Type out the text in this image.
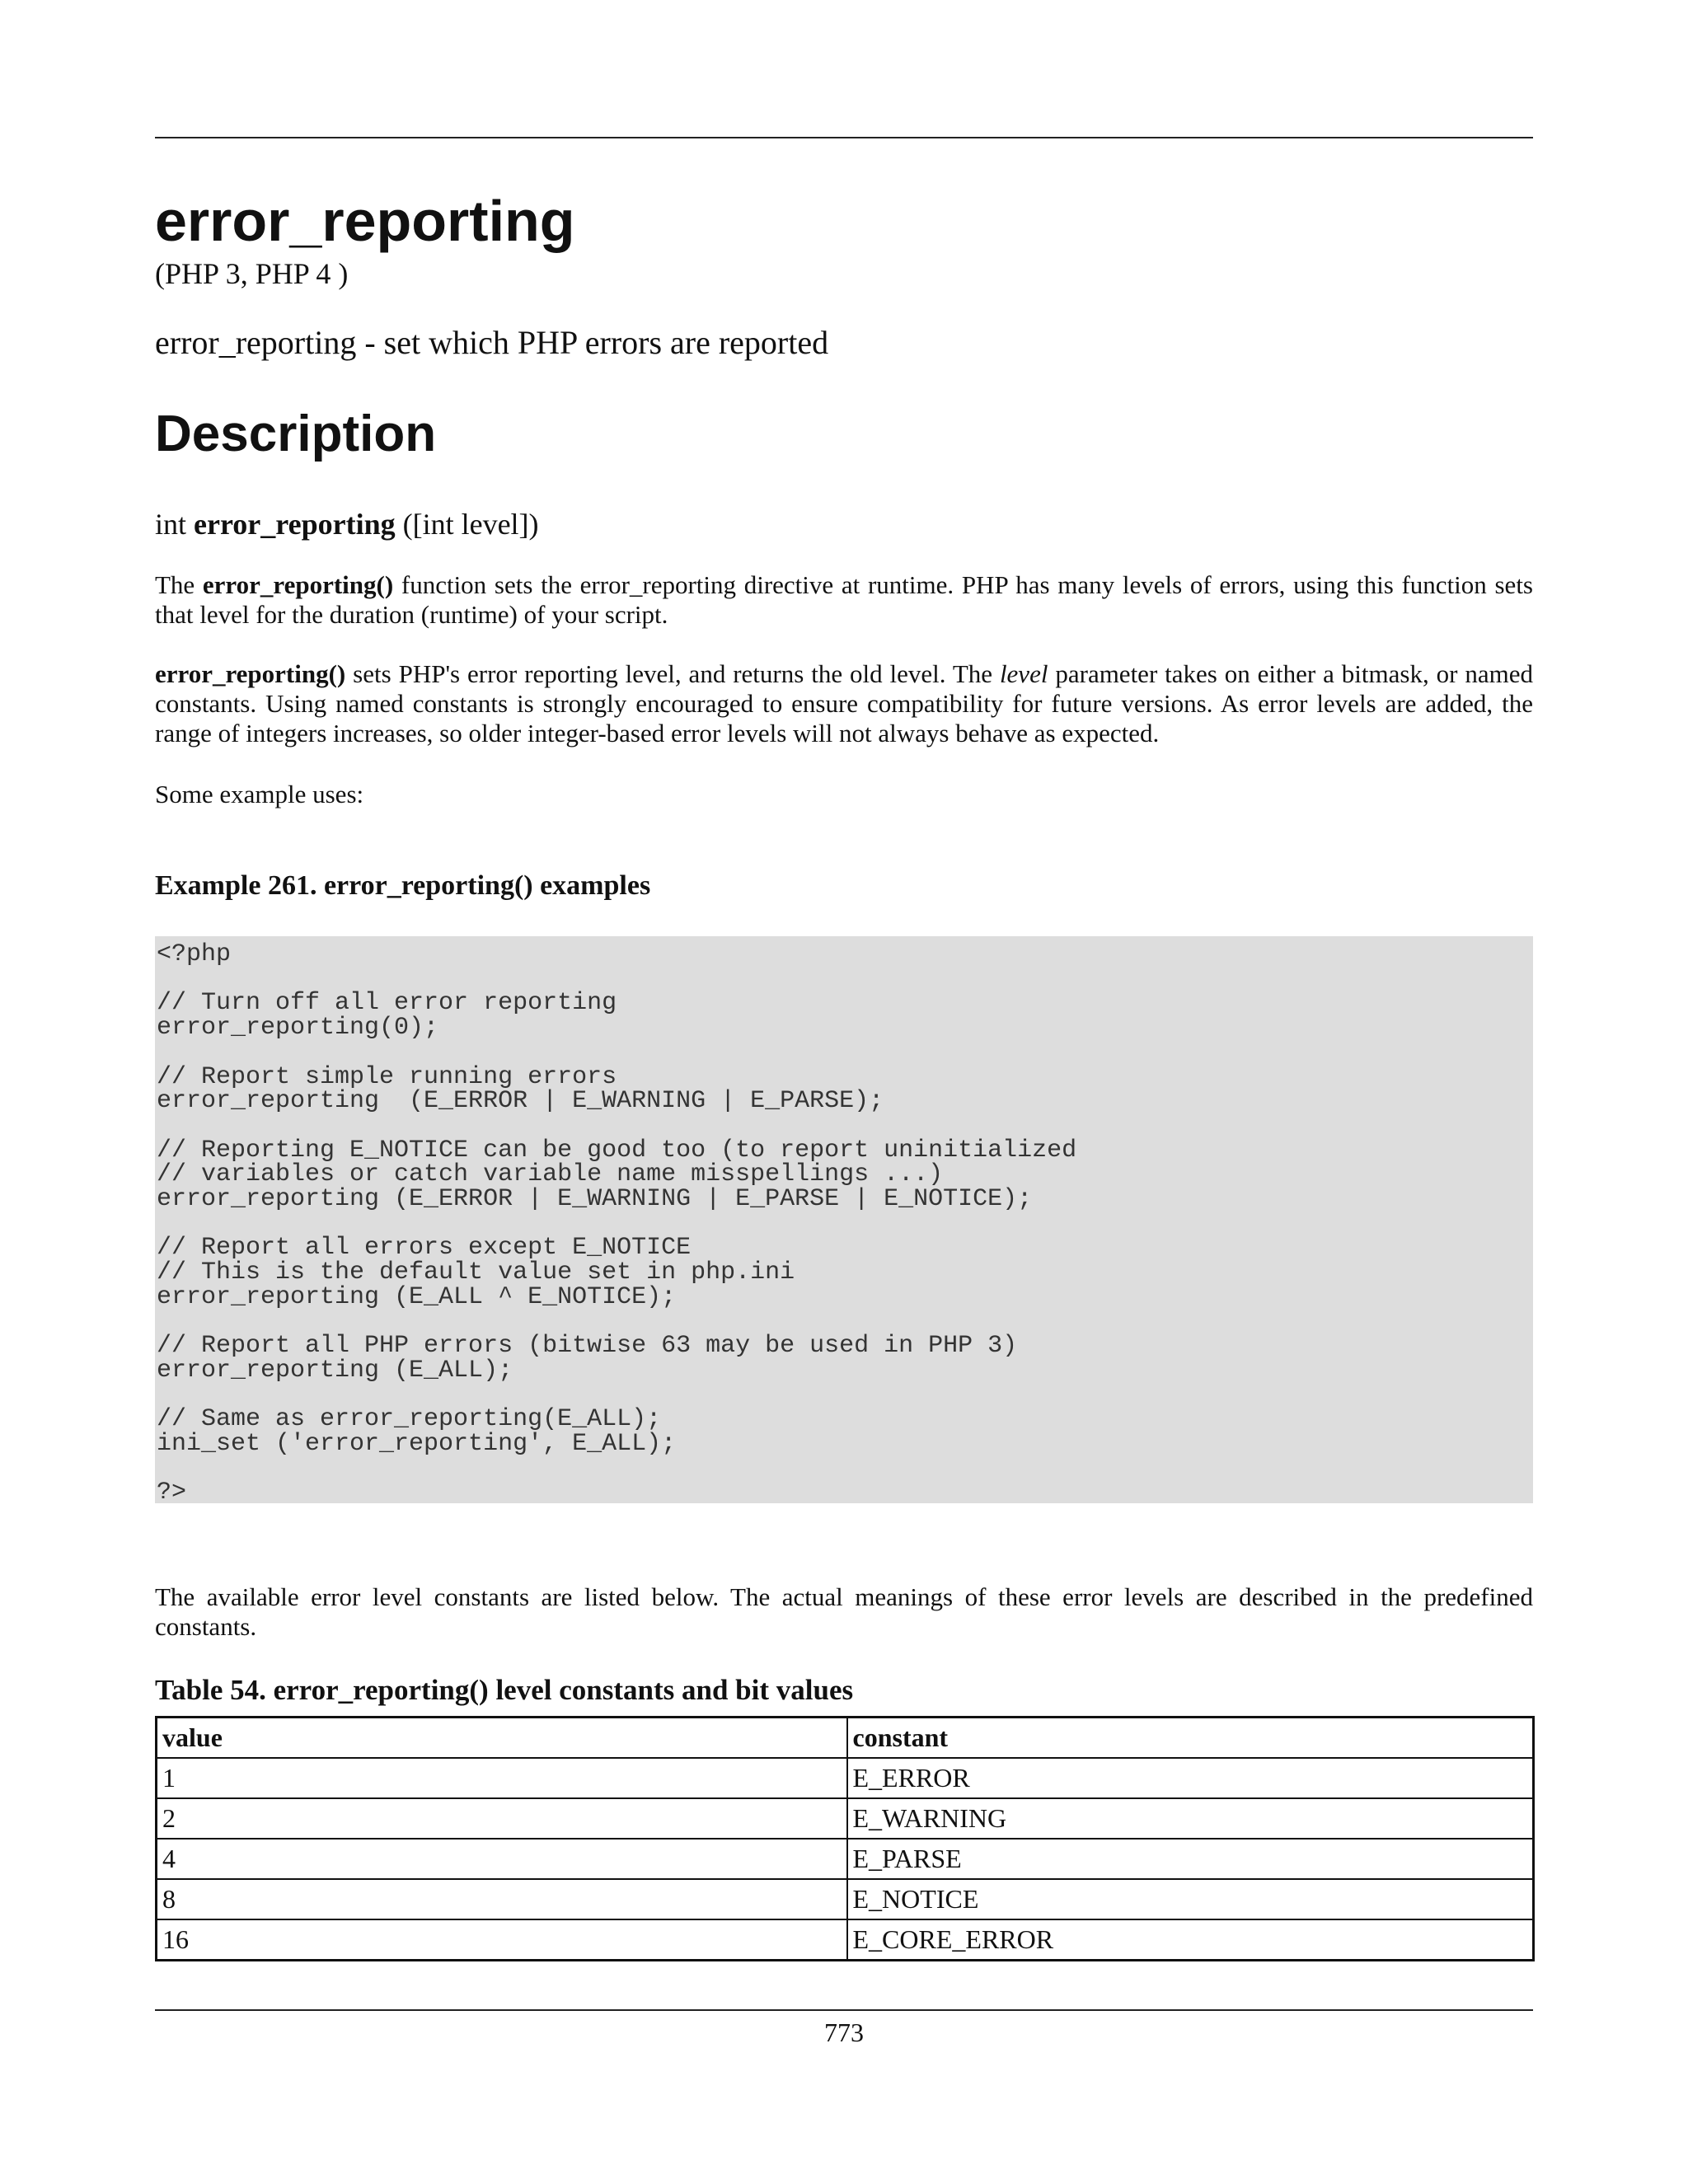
error_reporting
(PHP 3, PHP 4 )
error_reporting - set which PHP errors are reported
Description
int error_reporting ([int level])

The error_reporting() function sets the error_reporting directive at runtime. PHP has many levels of errors, using this function sets that level for the duration (runtime) of your script.

error_reporting() sets PHP's error reporting level, and returns the old level. The level parameter takes on either a bitmask, or named constants. Using named constants is strongly encouraged to ensure compatibility for future versions. As error levels are added, the range of integers increases, so older integer-based error levels will not always behave as expected.

Some example uses:

Example 261. error_reporting() examples
<?php

// Turn off all error reporting
error_reporting(0);

// Report simple running errors
error_reporting  (E_ERROR | E_WARNING | E_PARSE);

// Reporting E_NOTICE can be good too (to report uninitialized
// variables or catch variable name misspellings ...)
error_reporting (E_ERROR | E_WARNING | E_PARSE | E_NOTICE);

// Report all errors except E_NOTICE
// This is the default value set in php.ini
error_reporting (E_ALL ^ E_NOTICE);

// Report all PHP errors (bitwise 63 may be used in PHP 3)
error_reporting (E_ALL);

// Same as error_reporting(E_ALL);
ini_set ('error_reporting', E_ALL);

?>

The available error level constants are listed below. The actual meanings of these error levels are described in the predefined constants.

Table 54. error_reporting() level constants and bit values
value	constant
1	E_ERROR
2	E_WARNING
4	E_PARSE
8	E_NOTICE
16	E_CORE_ERROR
773
